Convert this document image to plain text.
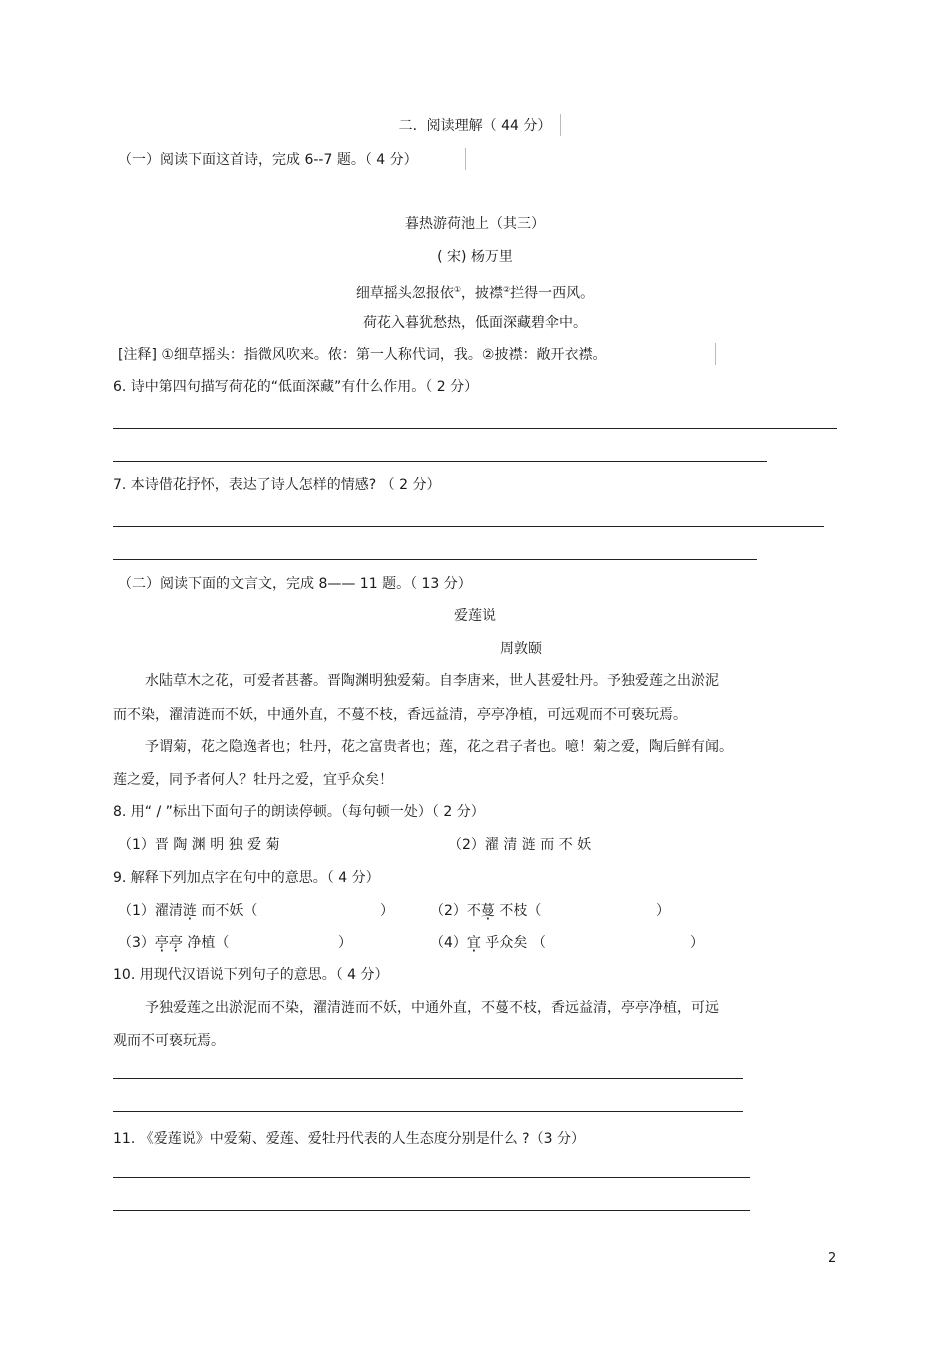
二．阅读理解（ 44 分）
（一）阅读下面这首诗，完成 6--7 题。（ 4 分）
暮热游荷池上（其三）
( 宋) 杨万里
细草摇头忽报依①，披襟②拦得一西风。
荷花入暮犹愁热，低面深藏碧伞中。
[注释] ①细草摇头：指微风吹来。侬：第一人称代词，我。②披襟：敞开衣襟。
6. 诗中第四句描写荷花的“低面深藏”有什么作用。（ 2 分）
7. 本诗借花抒怀，表达了诗人怎样的情感? （ 2 分）
（二）阅读下面的文言文，完成 8—— 11 题。（ 13 分）
爱莲说
周敦颐
水陆草木之花，可爱者甚蕃。晋陶渊明独爱菊。自李唐来，世人甚爱牡丹。予独爱莲之出淤泥
而不染，濯清涟而不妖，中通外直，不蔓不枝，香远益清，亭亭净植，可远观而不可亵玩焉。
予谓菊，花之隐逸者也；牡丹，花之富贵者也；莲，花之君子者也。噫！菊之爱，陶后鲜有闻。
莲之爱，同予者何人？牡丹之爱，宜乎众矣！
8. 用“ / ”标出下面句子的朗读停顿。（每句顿一处）（ 2 分）
（1）晋 陶 渊 明 独 爱 菊	（2）濯 清 涟 而 不 妖
9. 解释下列加点字在句中的意思。（ 4 分）
（1）濯清涟 而不妖（	）	（2）不蔓 不枝（	）
（3）亭亭 净植（	）	（4）宜 乎众矣 （	）
10. 用现代汉语说下列句子的意思。（ 4 分）
予独爱莲之出淤泥而不染，濯清涟而不妖，中通外直，不蔓不枝，香远益清，亭亭净植，可远
观而不可亵玩焉。
11. 《爱莲说》中爱菊、爱莲、爱牡丹代表的人生态度分别是什么 ?（3 分）
2
